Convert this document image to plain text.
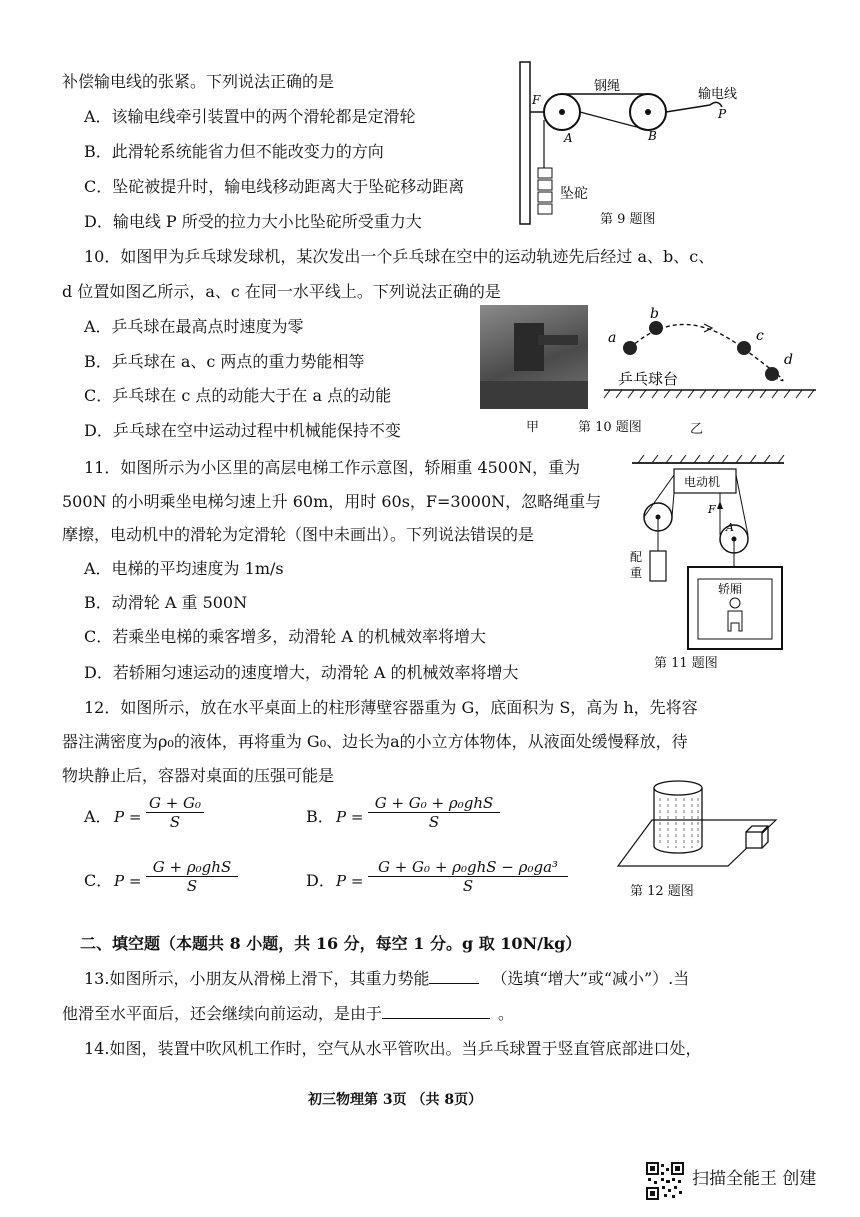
补偿输电线的张紧。下列说法正确的是
A．该输电线牵引装置中的两个滑轮都是定滑轮
B．此滑轮系统能省力但不能改变力的方向
C．坠砣被提升时，输电线移动距离大于坠砣移动距离
D．输电线 P 所受的拉力大小比坠砣所受重力大
钢绳
输电线
P
F
A	B
坠砣
第 9 题图
10．如图甲为乒乓球发球机，某次发出一个乒乓球在空中的运动轨迹先后经过 a、b、c、
d 位置如图乙所示，a、c 在同一水平线上。下列说法正确的是
A．乒乓球在最高点时速度为零
B．乒乓球在 a、c 两点的重力势能相等
C．乒乓球在 c 点的动能大于在 a 点的动能
D．乒乓球在空中运动过程中机械能保持不变
a
b
c
d
乒乓球台
甲	第 10 题图	乙
11．如图所示为小区里的高层电梯工作示意图，轿厢重 4500N，重为
500N 的小明乘坐电梯匀速上升 60m，用时 60s，F=3000N，忽略绳重与
摩擦，电动机中的滑轮为定滑轮（图中未画出）。下列说法错误的是
A．电梯的平均速度为 1m/s
B．动滑轮 A 重 500N
C．若乘坐电梯的乘客增多，动滑轮 A 的机械效率将增大
D．若轿厢匀速运动的速度增大，动滑轮 A 的机械效率将增大
电动机
F
A
配
重
轿厢
第 11 题图
12．如图所示，放在水平桌面上的柱形薄壁容器重为 G，底面积为 S，高为 h，先将容
器注满密度为ρ₀的液体，再将重为 G₀、边长为a的小立方体物体，从液面处缓慢释放，待
物块静止后，容器对桌面的压强可能是
A． $P = \frac{\text{G + G₀}}{S}$	B． P =
G + G₀ + ρ₀ghS
S
C． P =
G + ρ₀ghS
S	D． P =
G + G₀ + ρ₀ghS − ρ₀ga³
S	第 12 题图
二、填空题（本题共 8 小题，共 16 分，每空 1 分。g 取 10N/kg）
13.如图所示，小朋友从滑梯上滑下，其重力势能	（选填“增大”或“减小”）.当
他滑至水平面后，还会继续向前运动，是由于	。
14.如图，装置中吹风机工作时，空气从水平管吹出。当乒乓球置于竖直管底部进口处，
初三物理第 3页 （共 8页）
扫描全能王 创建
